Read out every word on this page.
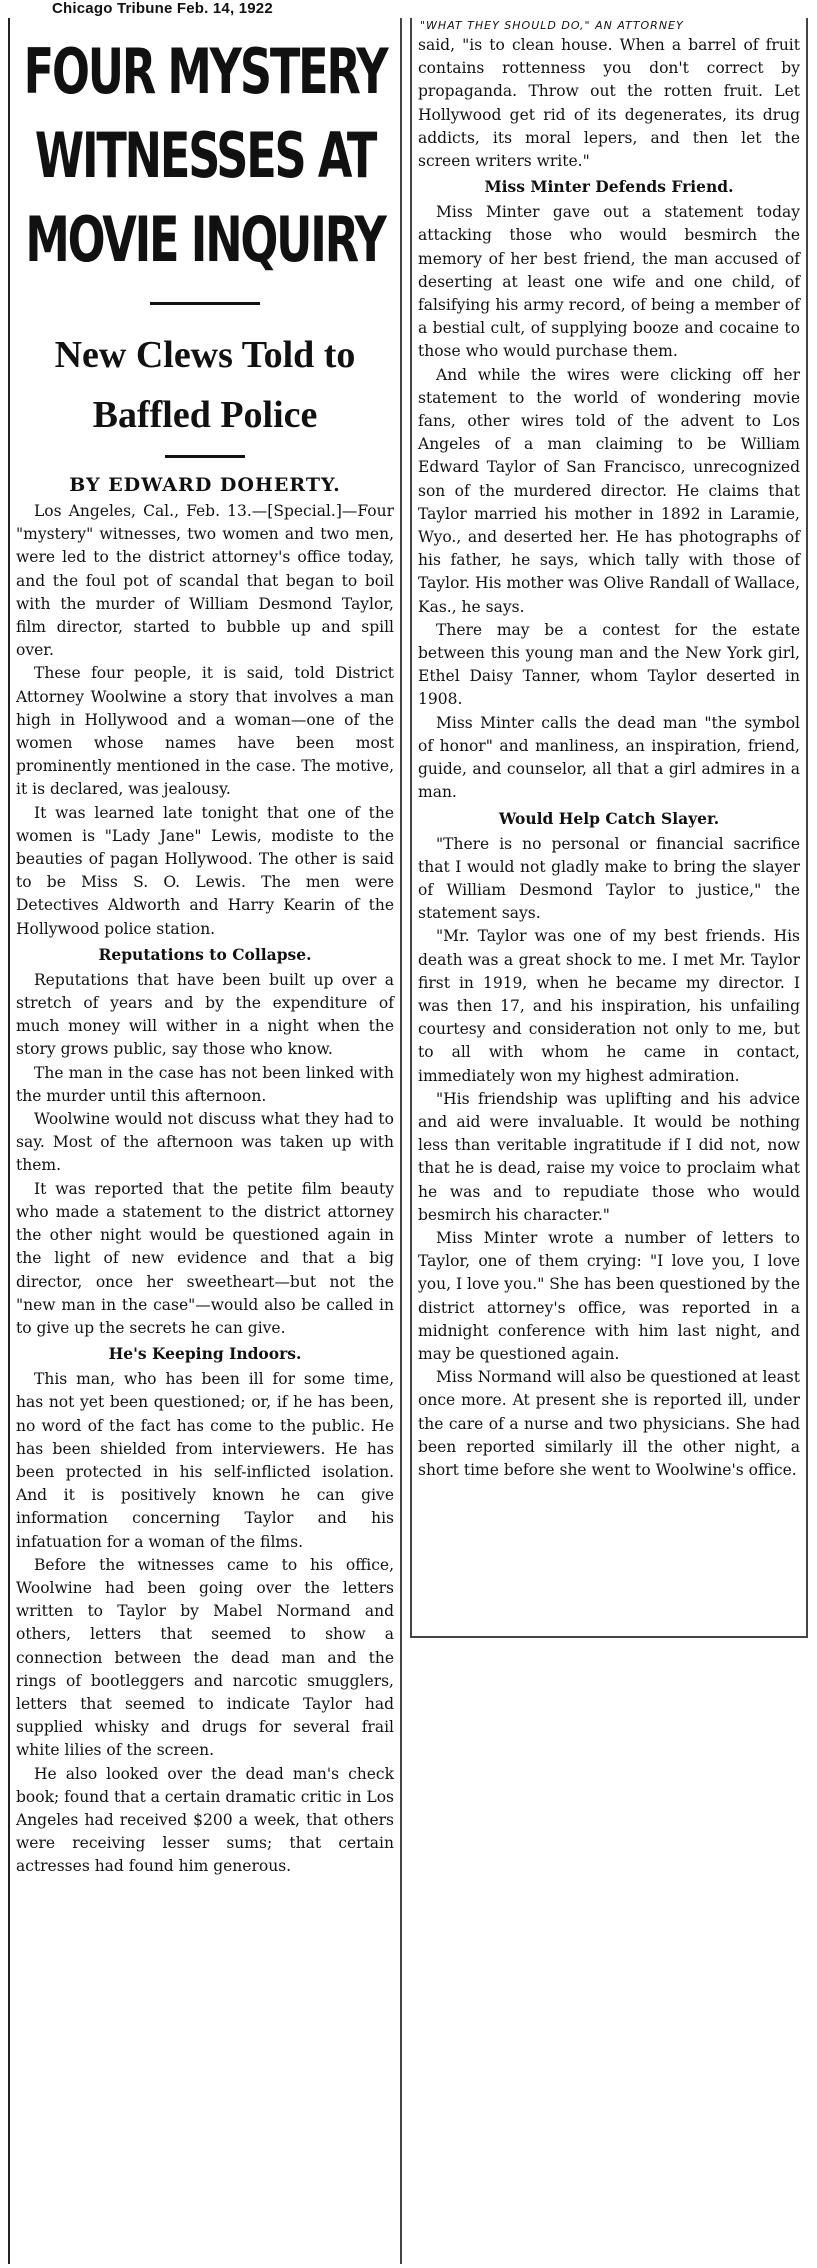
Chicago Tribune Feb. 14, 1922
FOUR MYSTERY
WITNESSES AT
MOVIE INQUIRY
New Clews Told to
Baffled Police
BY EDWARD DOHERTY.

Los Angeles, Cal., Feb. 13.—[Special.]—Four "mystery" witnesses, two women and two men, were led to the district attorney's office today, and the foul pot of scandal that began to boil with the murder of William Desmond Taylor, film director, started to bubble up and spill over.

These four people, it is said, told District Attorney Woolwine a story that involves a man high in Hollywood and a woman—one of the women whose names have been most prominently mentioned in the case. The motive, it is declared, was jealousy.

It was learned late tonight that one of the women is "Lady Jane" Lewis, modiste to the beauties of pagan Hollywood. The other is said to be Miss S. O. Lewis. The men were Detectives Aldworth and Harry Kearin of the Hollywood police station.

Reputations to Collapse.

Reputations that have been built up over a stretch of years and by the expenditure of much money will wither in a night when the story grows public, say those who know.

The man in the case has not been linked with the murder until this afternoon.

Woolwine would not discuss what they had to say. Most of the afternoon was taken up with them.

It was reported that the petite film beauty who made a statement to the district attorney the other night would be questioned again in the light of new evidence and that a big director, once her sweetheart—but not the "new man in the case"—would also be called in to give up the secrets he can give.

He's Keeping Indoors.

This man, who has been ill for some time, has not yet been questioned; or, if he has been, no word of the fact has come to the public. He has been shielded from interviewers. He has been protected in his self-inflicted isolation. And it is positively known he can give information concerning Taylor and his infatuation for a woman of the films.

Before the witnesses came to his office, Woolwine had been going over the letters written to Taylor by Mabel Normand and others, letters that seemed to show a connection between the dead man and the rings of bootleggers and narcotic smugglers, letters that seemed to indicate Taylor had supplied whisky and drugs for several frail white lilies of the screen.

He also looked over the dead man's check book; found that a certain dramatic critic in Los Angeles had received $200 a week, that others were receiving lesser sums; that certain actresses had found him generous.

"WHAT THEY SHOULD DO," AN ATTORNEY

said, "is to clean house. When a barrel of fruit contains rottenness you don't correct by propaganda. Throw out the rotten fruit. Let Hollywood get rid of its degenerates, its drug addicts, its moral lepers, and then let the screen writers write."

Miss Minter Defends Friend.

Miss Minter gave out a statement today attacking those who would besmirch the memory of her best friend, the man accused of deserting at least one wife and one child, of falsifying his army record, of being a member of a bestial cult, of supplying booze and cocaine to those who would purchase them.

And while the wires were clicking off her statement to the world of wondering movie fans, other wires told of the advent to Los Angeles of a man claiming to be William Edward Taylor of San Francisco, unrecognized son of the murdered director. He claims that Taylor married his mother in 1892 in Laramie, Wyo., and deserted her. He has photographs of his father, he says, which tally with those of Taylor. His mother was Olive Randall of Wallace, Kas., he says.

There may be a contest for the estate between this young man and the New York girl, Ethel Daisy Tanner, whom Taylor deserted in 1908.

Miss Minter calls the dead man "the symbol of honor" and manliness, an inspiration, friend, guide, and counselor, all that a girl admires in a man.

Would Help Catch Slayer.

"There is no personal or financial sacrifice that I would not gladly make to bring the slayer of William Desmond Taylor to justice," the statement says.

"Mr. Taylor was one of my best friends. His death was a great shock to me. I met Mr. Taylor first in 1919, when he became my director. I was then 17, and his inspiration, his unfailing courtesy and consideration not only to me, but to all with whom he came in contact, immediately won my highest admiration.

"His friendship was uplifting and his advice and aid were invaluable. It would be nothing less than veritable ingratitude if I did not, now that he is dead, raise my voice to proclaim what he was and to repudiate those who would besmirch his character."

Miss Minter wrote a number of letters to Taylor, one of them crying: "I love you, I love you, I love you." She has been questioned by the district attorney's office, was reported in a midnight conference with him last night, and may be questioned again.

Miss Normand will also be questioned at least once more. At present she is reported ill, under the care of a nurse and two physicians. She had been reported similarly ill the other night, a short time before she went to Woolwine's office.
